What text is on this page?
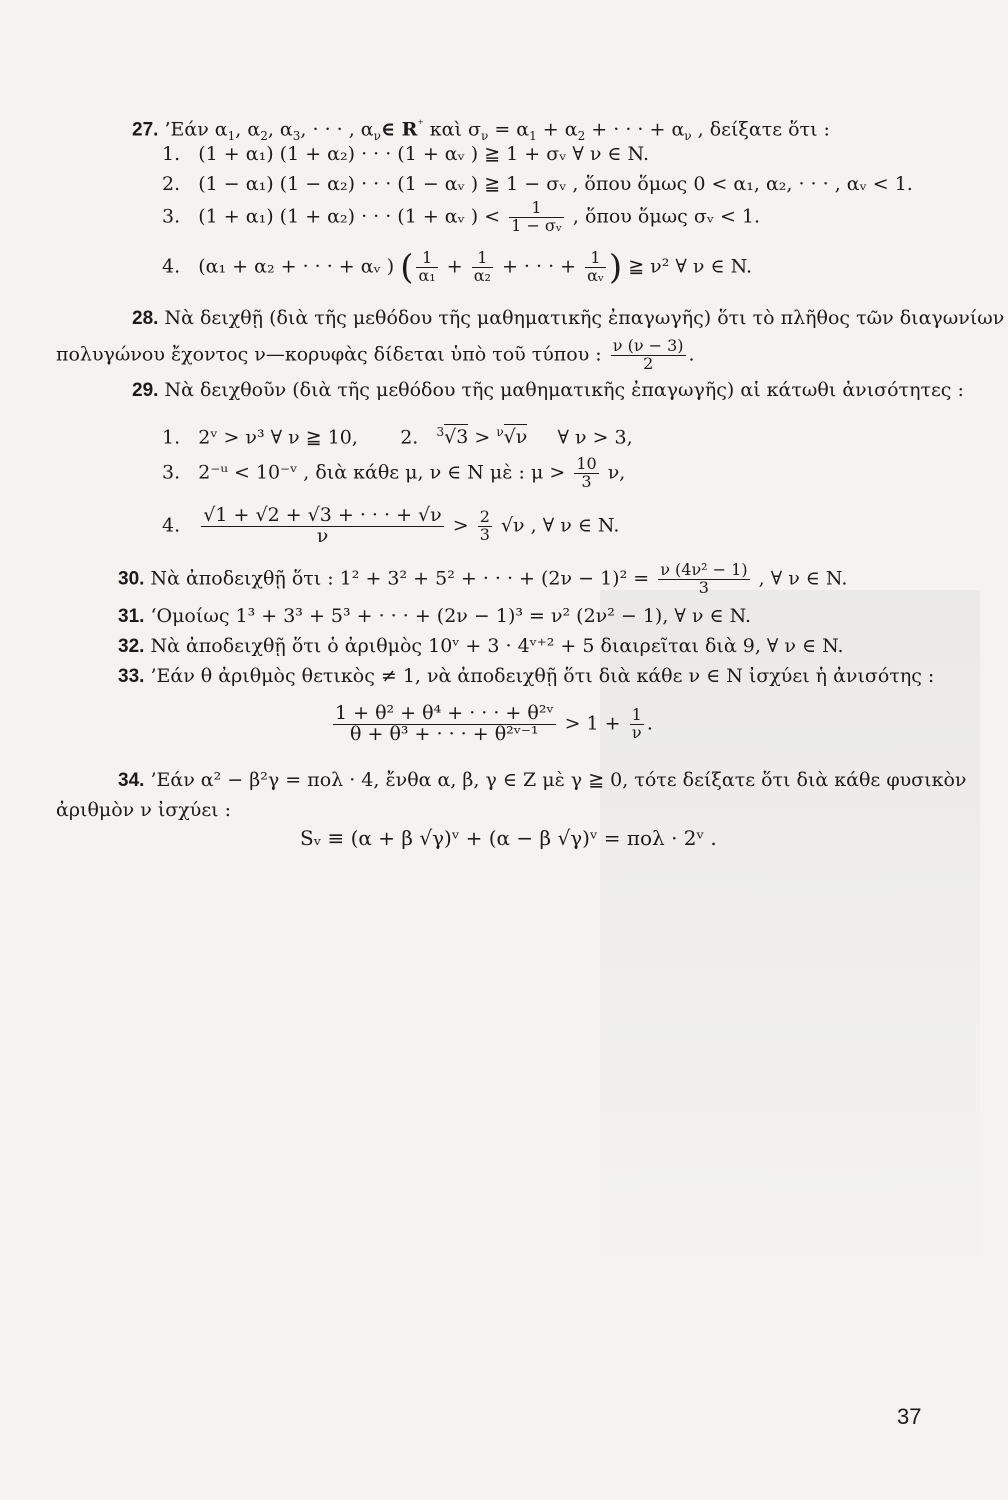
27. ’Εάν $\alpha_1$, $\alpha_2$, $\alpha_3$, · · · , $\alpha_\nu\in$ R⁺ καὶ $\sigma_\nu = \alpha_1 + \alpha_2$ + · · · + $\alpha_\nu$ , δείξατε ὅτι :
1. (1 + α₁) (1 + α₂) · · · (1 + αᵥ ) ≧ 1 + σᵥ ∀ ν ∈ N.
2. (1 − α₁) (1 − α₂) · · · (1 − αᵥ ) ≧ 1 − σᵥ , ὅπου ὅμως 0 < α₁, α₂, · · · , αᵥ < 1.
3. (1 + α₁) (1 + α₂) · · · (1 + αᵥ ) < $\frac{1}{\text{1 − σᵥ}}$ , ὅπου ὅμως σᵥ < 1.
4. (α₁ + α₂ + · · · + αᵥ ) ( $\frac{1}{\text{α₁}} + \frac{1}{\text{α₂}}$ + · · · + $\frac{1}{\text{αᵥ}}$ ) ≧ ν² ∀ ν ∈ N.
28. Νὰ δειχθῇ (διὰ τῆς μεθόδου τῆς μαθηματικῆς ἐπαγωγῆς) ὅτι τὸ πλῆθος τῶν διαγωνίων
πολυγώνου ἔχοντος ν—κορυφὰς δίδεται ὑπὸ τοῦ τύπου : $\frac{\nu (\nu - 3)}{2}$ .
29. Νὰ δειχθοῦν (διὰ τῆς μεθόδου τῆς μαθηματικῆς ἐπαγωγῆς) αἱ κάτωθι ἀνισότητες :
1. 2ᵛ > ν³ ∀ ν ≧ 10, 2. $^3$√3 > $^\nu$√ν ∀ ν > 3,
3. 2⁻ᵘ < 10⁻ᵛ , διὰ κάθε μ, ν ∈ N μὲ : $\mu > \frac{10}{3} \nu$,
4. $\frac{√1 + √2 + √3 + \cdot \cdot \cdot + √\nu}{\nu} > \frac{2}{3} √\nu$ , ∀ ν ∈ N.
30. Νὰ ἀποδειχθῇ ὅτι : 1² + 3² + 5² + · · · + $(2\nu - 1)^2 = \frac{\text{ν (4ν² − 1)}}{3}$ , ∀ ν ∈ N.
31. ‘Ομοίως 1³ + 3³ + 5³ + · · · + (2ν − 1)³ = ν² (2ν² − 1), ∀ ν ∈ N.
32. Νὰ ἀποδειχθῇ ὅτι ὁ ἀριθμὸς 10ᵛ + 3 · 4ᵛ⁺² + 5 διαιρεῖται διὰ 9, ∀ ν ∈ N.
33. ’Εάν θ ἀριθμὸς θετικὸς ≠ 1, νὰ ἀποδειχθῇ ὅτι διὰ κάθε ν ∈ N ἰσχύει ἡ ἀνισότης :
$\frac{\text{1 + θ² + θ⁴ + · · · + θ²ᵛ}}{\text{θ + θ³ + · · · + θ²ᵛ⁻¹}} > 1 + \frac{1}{\nu}$ .
34. ’Εάν α² − β²γ = πολ · 4, ἔνθα α, β, γ ∈ Z μὲ γ ≧ 0, τότε δείξατε ὅτι διὰ κάθε φυσικὸν
ἀριθμὸν ν ἰσχύει :
Sᵥ ≡ (α + β √γ)ᵛ + (α − β √γ)ᵛ = πολ · 2ᵛ .
37
